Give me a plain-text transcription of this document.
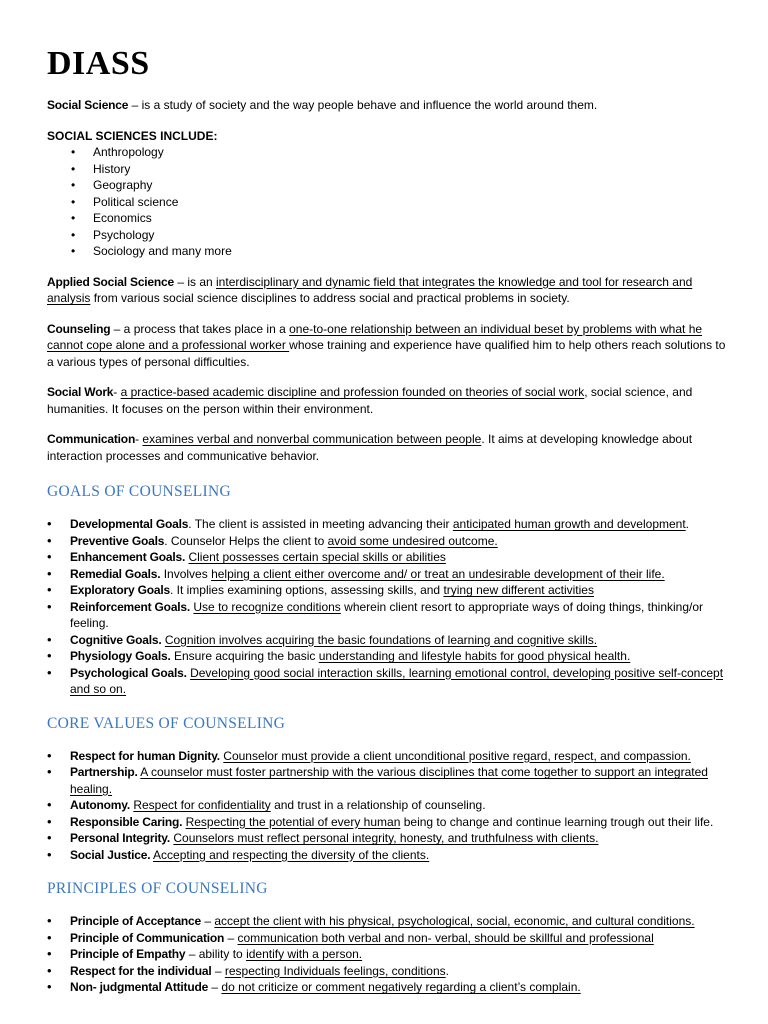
DIASS

Social Science – is a study of society and the way people behave and influence the world around them.

SOCIAL SCIENCES INCLUDE:

• Anthropology
• History
• Geography
• Political science
• Economics
• Psychology
• Sociology and many more

Applied Social Science – is an interdisciplinary and dynamic field that integrates the knowledge and tool for research and analysis from various social science disciplines to address social and practical problems in society.

Counseling – a process that takes place in a one-to-one relationship between an individual beset by problems with what he cannot cope alone and a professional worker whose training and experience have qualified him to help others reach solutions to a various types of personal difficulties.

Social Work- a practice-based academic discipline and profession founded on theories of social work, social science, and humanities. It focuses on the person within their environment.

Communication- examines verbal and nonverbal communication between people. It aims at developing knowledge about interaction processes and communicative behavior.

GOALS OF COUNSELING
• Developmental Goals. The client is assisted in meeting advancing their anticipated human growth and development.
• Preventive Goals. Counselor Helps the client to avoid some undesired outcome.
• Enhancement Goals. Client possesses certain special skills or abilities
• Remedial Goals. Involves helping a client either overcome and/ or treat an undesirable development of their life.
• Exploratory Goals. It implies examining options, assessing skills, and trying new different activities
• Reinforcement Goals. Use to recognize conditions wherein client resort to appropriate ways of doing things, thinking/or feeling.
• Cognitive Goals. Cognition involves acquiring the basic foundations of learning and cognitive skills.
• Physiology Goals. Ensure acquiring the basic understanding and lifestyle habits for good physical health.
• Psychological Goals. Developing good social interaction skills, learning emotional control, developing positive self-concept and so on.
CORE VALUES OF COUNSELING
• Respect for human Dignity. Counselor must provide a client unconditional positive regard, respect, and compassion.
• Partnership. A counselor must foster partnership with the various disciplines that come together to support an integrated healing.
• Autonomy. Respect for confidentiality and trust in a relationship of counseling.
• Responsible Caring. Respecting the potential of every human being to change and continue learning trough out their life.
• Personal Integrity. Counselors must reflect personal integrity, honesty, and truthfulness with clients.
• Social Justice. Accepting and respecting the diversity of the clients.
PRINCIPLES OF COUNSELING
• Principle of Acceptance – accept the client with his physical, psychological, social, economic, and cultural conditions.
• Principle of Communication – communication both verbal and non- verbal, should be skillful and professional
• Principle of Empathy – ability to identify with a person.
• Respect for the individual – respecting Individuals feelings, conditions.
• Non- judgmental Attitude – do not criticize or comment negatively regarding a client’s complain.
